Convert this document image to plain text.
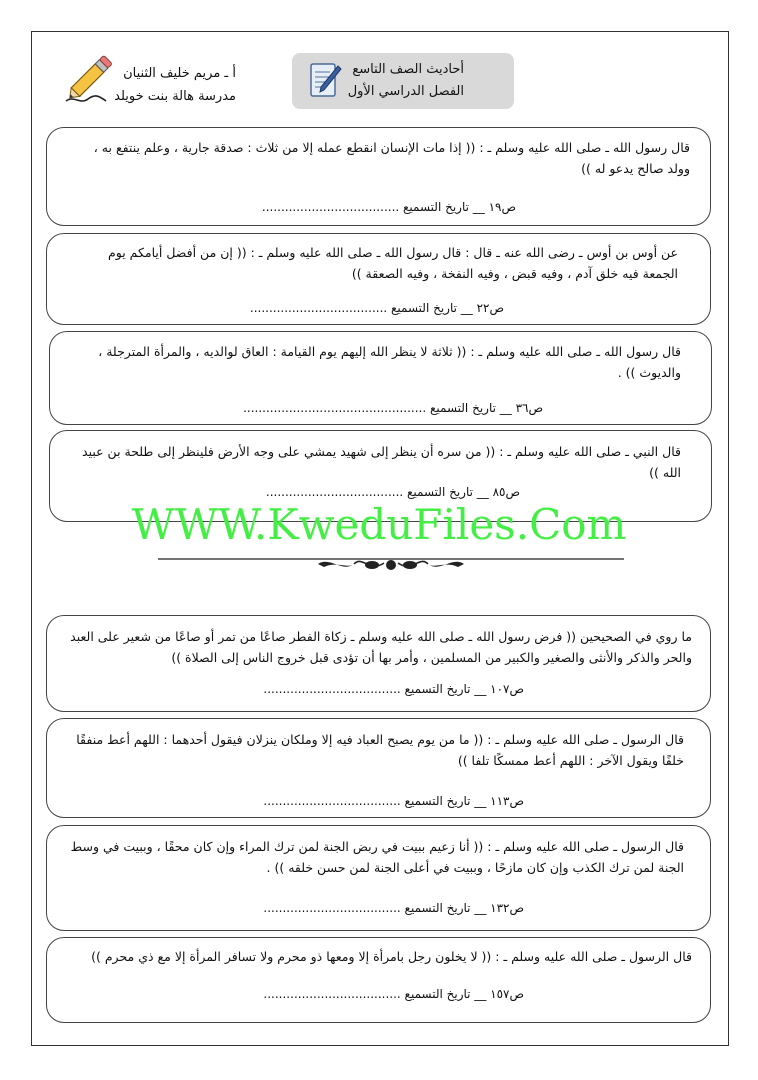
أحاديث الصف التاسع
الفصل الدراسي الأول
أ ـ مريم خليف الثنيان
مدرسة هالة بنت خويلد
قال رسول الله ـ صلى الله عليه وسلم ـ : (( إذا مات الإنسان انقطع عمله إلا من ثلاث : صدقة جارية ، وعلم ينتفع به ، وولد صالح يدعو له ))
ص١٩ __ تاريخ التسميع ....................................
عن أوس بن أوس ـ رضى الله عنه ـ قال : قال رسول الله ـ صلى الله عليه وسلم ـ : (( إن من أفضل أيامكم يوم الجمعة فيه خلق آدم ، وفيه قبض ، وفيه النفخة ، وفيه الصعقة ))
ص٢٢ __ تاريخ التسميع ....................................
قال رسول الله ـ صلى الله عليه وسلم ـ : (( ثلاثة لا ينظر الله إليهم يوم القيامة : العاق لوالديه ، والمرأة المترجلة ، والديوث )) .
ص٣٦ __ تاريخ التسميع ................................................
قال النبي ـ صلى الله عليه وسلم ـ : (( من سره أن ينظر إلى شهيد يمشي على وجه الأرض فلينظر إلى طلحة بن عبيد الله ))
ص٨٥ __ تاريخ التسميع ....................................
WWW.KweduFiles.Com
ما روي في الصحيحين (( فرض رسول الله ـ صلى الله عليه وسلم ـ زكاة الفطر صاعًا من تمر أو صاعًا من شعير على العبد والحر والذكر والأنثى والصغير والكبير من المسلمين ، وأمر بها أن تؤدى قبل خروج الناس إلى الصلاة ))
ص١٠٧ __ تاريخ التسميع ....................................
قال الرسول ـ صلى الله عليه وسلم ـ : (( ما من يوم يصبح العباد فيه إلا وملكان ينزلان فيقول أحدهما : اللهم أعط منفقًا خلفًا ويقول الآخر : اللهم أعط ممسكًا تلفا ))
ص١١٣ __ تاريخ التسميع ....................................
قال الرسول ـ صلى الله عليه وسلم ـ : (( أنا زعيم ببيت في ربض الجنة لمن ترك المراء وإن كان محقًا ، وببيت في وسط الجنة لمن ترك الكذب وإن كان مازحًا ، وببيت في أعلى الجنة لمن حسن خلقه )) .
ص١٣٢ __ تاريخ التسميع ....................................
قال الرسول ـ صلى الله عليه وسلم ـ : (( لا يخلون رجل بامرأة إلا ومعها ذو محرم ولا تسافر المرأة إلا مع ذي محرم ))
ص١٥٧ __ تاريخ التسميع ....................................
